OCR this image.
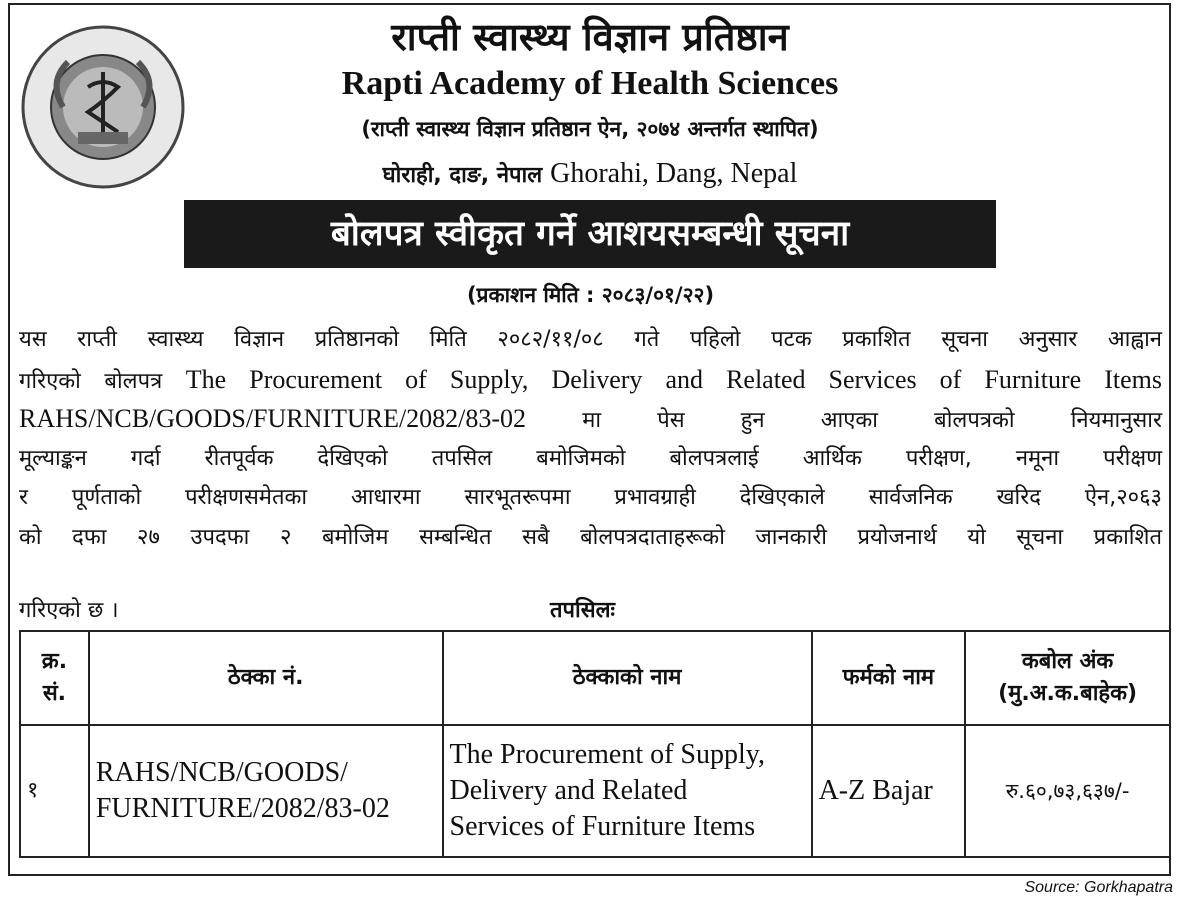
राप्ती स्वास्थ्य विज्ञान प्रतिष्ठान
Rapti Academy of Health Sciences
(राप्ती स्वास्थ्य विज्ञान प्रतिष्ठान ऐन, २०७४ अन्तर्गत स्थापित)
घोराही, दाङ, नेपाल Ghorahi, Dang, Nepal
बोलपत्र स्वीकृत गर्ने आशयसम्बन्धी सूचना
(प्रकाशन मिति : २०८३/०१/२२)
यस राप्ती स्वास्थ्य विज्ञान प्रतिष्ठानको मिति २०८२/११/०८ गते पहिलो पटक प्रकाशित सूचना अनुसार आह्वान
गरिएको बोलपत्र The Procurement of Supply, Delivery and Related Services of Furniture Items
RAHS/NCB/GOODS/FURNITURE/2082/83-02	मा पेस हुन आएका बोलपत्रको नियमानुसार
मूल्याङ्कन गर्दा रीतपूर्वक देखिएको तपसिल बमोजिमको बोलपत्रलाई आर्थिक परीक्षण, नमूना परीक्षण
र पूर्णताको परीक्षणसमेतका आधारमा सारभूतरूपमा प्रभावग्राही देखिएकाले सार्वजनिक खरिद ऐन,२०६३
को दफा २७ उपदफा २ बमोजिम सम्बन्धित सबै बोलपत्रदाताहरूको जानकारी प्रयोजनार्थ यो सूचना प्रकाशित
गरिएको छ ।	तपसिलः
क्र.
सं.	ठेक्का नं.	ठेक्काको नाम	फर्मको नाम	कबोल अंक
(मु.अ.क.बाहेक)
१	RAHS/NCB/GOODS/
FURNITURE/2082/83-02	The Procurement of Supply,
Delivery and Related
Services of Furniture Items	A-Z Bajar	रु.६०,७३,६३७/-
Source: Gorkhapatra
